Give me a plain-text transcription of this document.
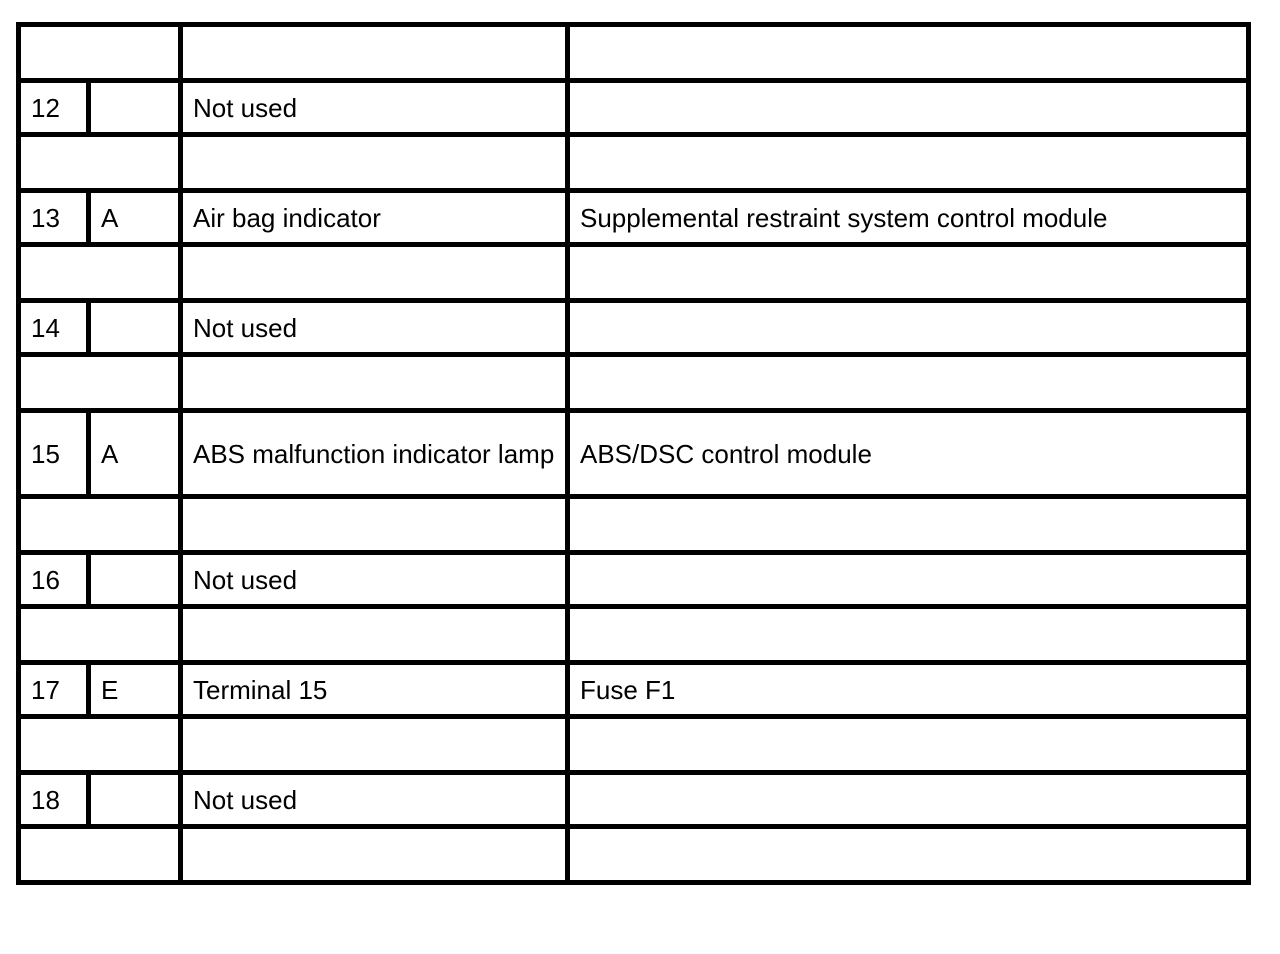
12		Not used	

13	A	Air bag indicator	Supplemental restraint system control module

14		Not used	

15	A	ABS malfunction indicator lamp	ABS/DSC control module

16		Not used	

17	E	Terminal 15	Fuse F1

18		Not used	
